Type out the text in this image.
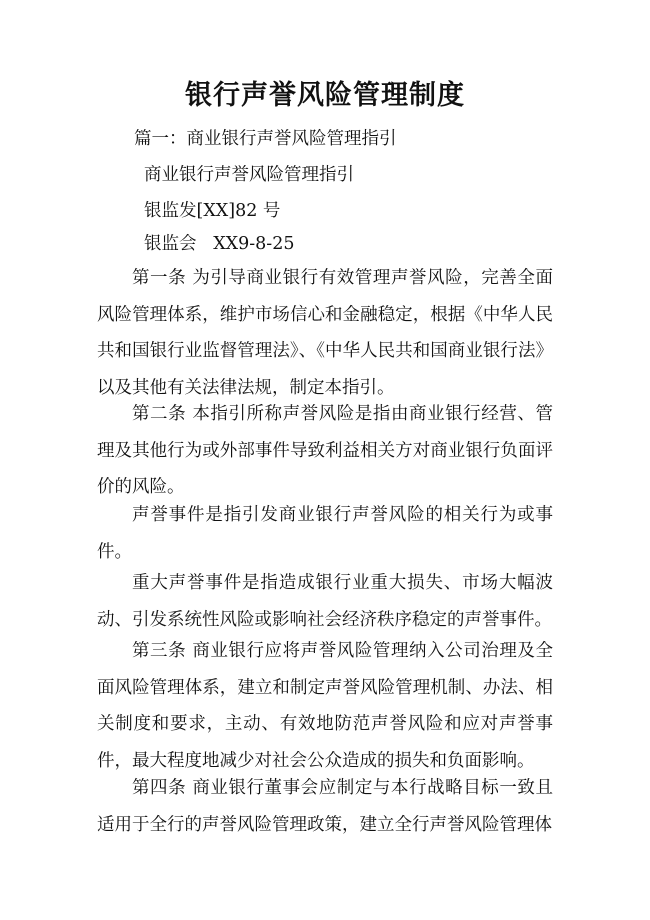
银行声誉风险管理制度
篇一：商业银行声誉风险管理指引
商业银行声誉风险管理指引
银监发[XX]82 号
银监会   XX9-8-25

第一条 为引导商业银行有效管理声誉风险，完善全面风险管理体系，维护市场信心和金融稳定，根据《中华人民共和国银行业监督管理法》、《中华人民共和国商业银行法》以及其他有关法律法规，制定本指引。

第二条 本指引所称声誉风险是指由商业银行经营、管理及其他行为或外部事件导致利益相关方对商业银行负面评价的风险。

声誉事件是指引发商业银行声誉风险的相关行为或事件。

重大声誉事件是指造成银行业重大损失、市场大幅波动、引发系统性风险或影响社会经济秩序稳定的声誉事件。

第三条 商业银行应将声誉风险管理纳入公司治理及全面风险管理体系，建立和制定声誉风险管理机制、办法、相关制度和要求，主动、有效地防范声誉风险和应对声誉事件，最大程度地减少对社会公众造成的损失和负面影响。

第四条 商业银行董事会应制定与本行战略目标一致且适用于全行的声誉风险管理政策，建立全行声誉风险管理体
